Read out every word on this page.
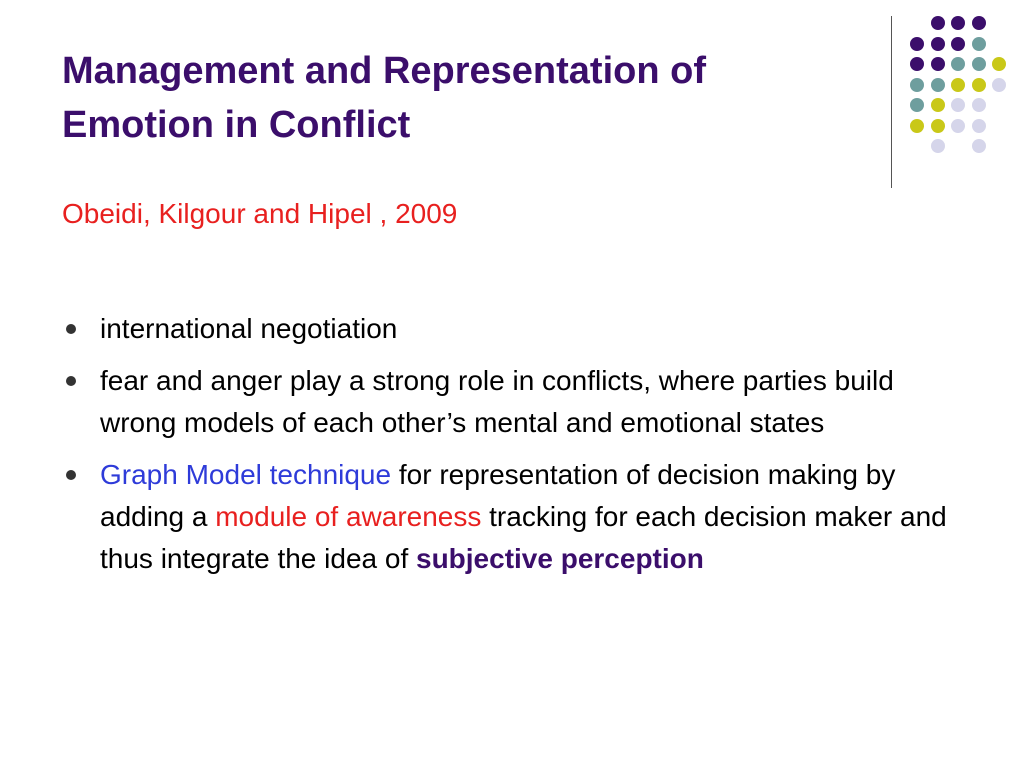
Management and Representation of
Emotion in Conflict

Obeidi, Kilgour and Hipel , 2009

international negotiation
fear and anger play a strong role in conflicts, where parties build wrong models of each other’s mental and emotional states
Graph Model technique for representation of decision making by adding a module of awareness tracking for each decision maker and thus integrate the idea of subjective perception
